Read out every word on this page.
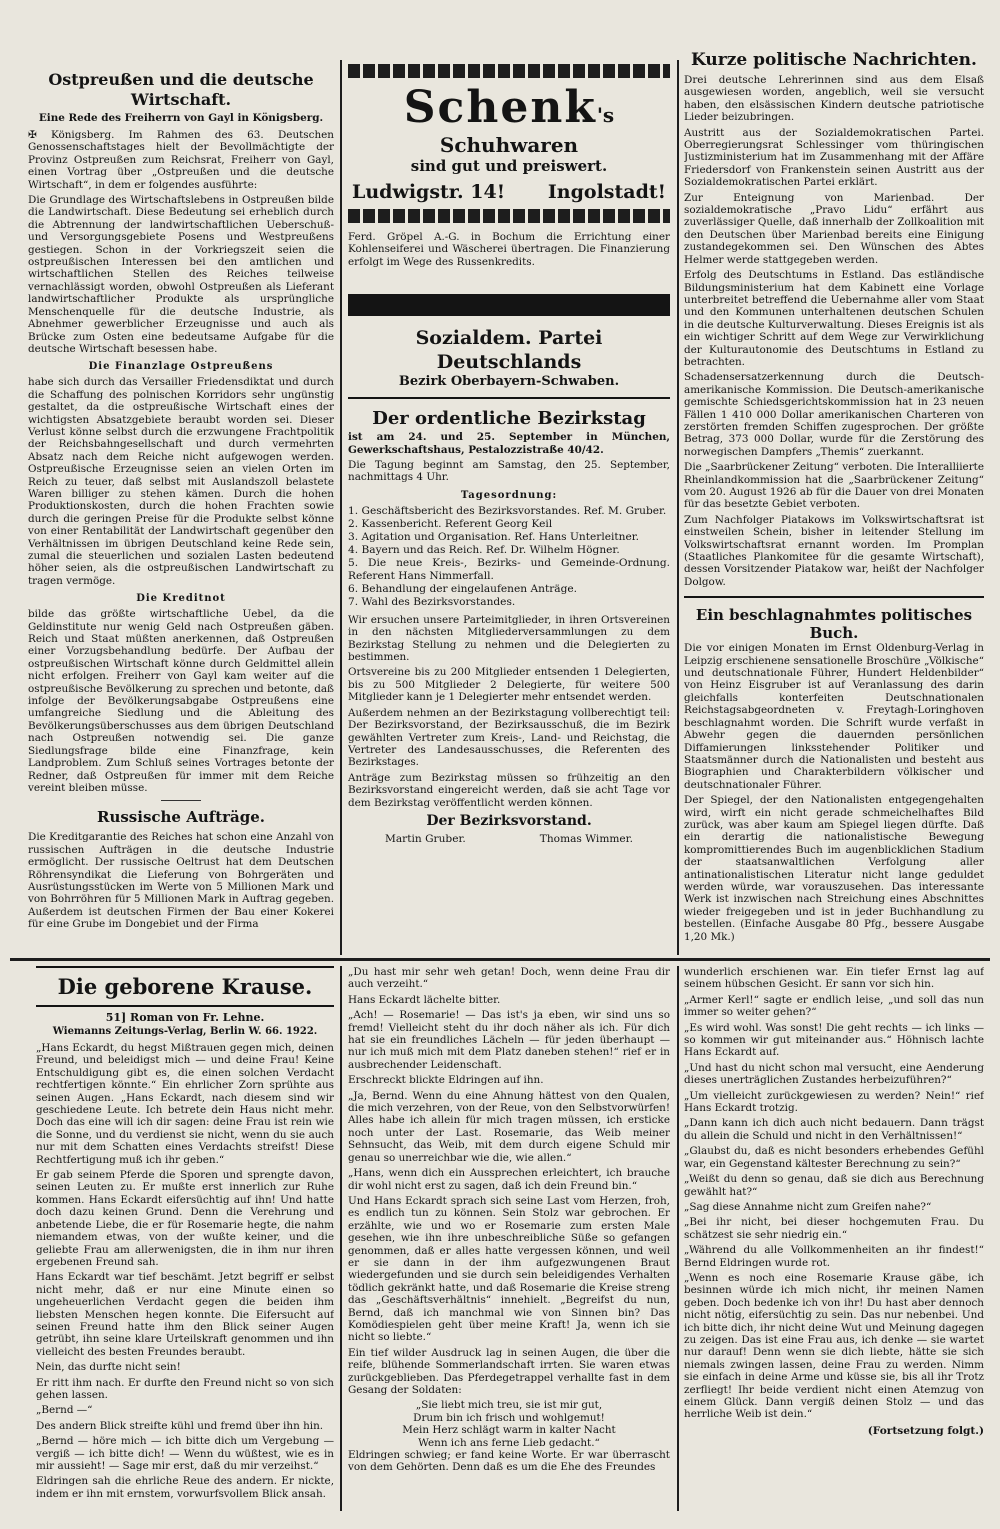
Ostpreußen und die deutsche Wirtschaft.
Eine Rede des Freiherrn von Gayl in Königsberg.

✠ Königsberg. Im Rahmen des 63. Deutschen Genossenschaftstages hielt der Bevollmächtigte der Provinz Ostpreußen zum Reichsrat, Freiherr von Gayl, einen Vortrag über „Ostpreußen und die deutsche Wirtschaft“, in dem er folgendes ausführte:

Die Grundlage des Wirtschaftslebens in Ostpreußen bilde die Landwirtschaft. Diese Bedeutung sei erheblich durch die Abtrennung der landwirtschaftlichen Ueberschuß- und Versorgungsgebiete Posens und Westpreußens gestiegen. Schon in der Vorkriegszeit seien die ostpreußischen Interessen bei den amtlichen und wirtschaftlichen Stellen des Reiches teilweise vernachlässigt worden, obwohl Ostpreußen als Lieferant landwirtschaftlicher Produkte als ursprüngliche Menschenquelle für die deutsche Industrie, als Abnehmer gewerblicher Erzeugnisse und auch als Brücke zum Osten eine bedeutsame Aufgabe für die deutsche Wirtschaft besessen habe.

Die Finanzlage Ostpreußens

habe sich durch das Versailler Friedensdiktat und durch die Schaffung des polnischen Korridors sehr ungünstig gestaltet, da die ostpreußische Wirtschaft eines der wichtigsten Absatzgebiete beraubt worden sei. Dieser Verlust könne selbst durch die erzwungene Frachtpolitik der Reichsbahngesellschaft und durch vermehrten Absatz nach dem Reiche nicht aufgewogen werden. Ostpreußische Erzeugnisse seien an vielen Orten im Reich zu teuer, daß selbst mit Auslandszoll belastete Waren billiger zu stehen kämen. Durch die hohen Produktionskosten, durch die hohen Frachten sowie durch die geringen Preise für die Produkte selbst könne von einer Rentabilität der Landwirtschaft gegenüber den Verhältnissen im übrigen Deutschland keine Rede sein, zumal die steuerlichen und sozialen Lasten bedeutend höher seien, als die ostpreußischen Landwirtschaft zu tragen vermöge.

Die Kreditnot

bilde das größte wirtschaftliche Uebel, da die Geldinstitute nur wenig Geld nach Ostpreußen gäben. Reich und Staat müßten anerkennen, daß Ostpreußen einer Vorzugsbehandlung bedürfe. Der Aufbau der ostpreußischen Wirtschaft könne durch Geldmittel allein nicht erfolgen. Freiherr von Gayl kam weiter auf die ostpreußische Bevölkerung zu sprechen und betonte, daß infolge der Bevölkerungsabgabe Ostpreußens eine umfangreiche Siedlung und die Ableitung des Bevölkerungsüberschusses aus dem übrigen Deutschland nach Ostpreußen notwendig sei. Die ganze Siedlungsfrage bilde eine Finanzfrage, kein Landproblem. Zum Schluß seines Vortrages betonte der Redner, daß Ostpreußen für immer mit dem Reiche vereint bleiben müsse.

Russische Aufträge.

Die Kreditgarantie des Reiches hat schon eine Anzahl von russischen Aufträgen in die deutsche Industrie ermöglicht. Der russische Oeltrust hat dem Deutschen Röhrensyndikat die Lieferung von Bohrgeräten und Ausrüstungsstücken im Werte von 5 Millionen Mark und von Bohrröhren für 5 Millionen Mark in Auftrag gegeben. Außerdem ist deutschen Firmen der Bau einer Kokerei für eine Grube im Dongebiet und der Firma

Schenk's Schuhwaren
sind gut und preiswert.
Ludwigstr. 14! Ingolstadt!

Ferd. Gröpel A.-G. in Bochum die Errichtung einer Kohlenseiferei und Wäscherei übertragen. Die Finanzierung erfolgt im Wege des Russenkredits.

Sozialdem. Partei Deutschlands
Bezirk Oberbayern-Schwaben.
Der ordentliche Bezirkstag

ist am 24. und 25. September in München, Gewerkschaftshaus, Pestalozzistraße 40/42.

Die Tagung beginnt am Samstag, den 25. September, nachmittags 4 Uhr.

Tagesordnung:

1. Geschäftsbericht des Bezirksvorstandes. Ref. M. Gruber.

2. Kassenbericht. Referent Georg Keil

3. Agitation und Organisation. Ref. Hans Unterleitner.

4. Bayern und das Reich. Ref. Dr. Wilhelm Högner.

5. Die neue Kreis-, Bezirks- und Gemeinde-Ordnung. Referent Hans Nimmerfall.

6. Behandlung der eingelaufenen Anträge.

7. Wahl des Bezirksvorstandes.

Wir ersuchen unsere Parteimitglieder, in ihren Ortsvereinen in den nächsten Mitgliederversammlungen zu dem Bezirkstag Stellung zu nehmen und die Delegierten zu bestimmen.

Ortsvereine bis zu 200 Mitglieder entsenden 1 Delegierten, bis zu 500 Mitglieder 2 Delegierte, für weitere 500 Mitglieder kann je 1 Delegierter mehr entsendet werden.

Außerdem nehmen an der Bezirkstagung vollberechtigt teil: Der Bezirksvorstand, der Bezirksausschuß, die im Bezirk gewählten Vertreter zum Kreis-, Land- und Reichstag, die Vertreter des Landesausschusses, die Referenten des Bezirkstages.

Anträge zum Bezirkstag müssen so frühzeitig an den Bezirksvorstand eingereicht werden, daß sie acht Tage vor dem Bezirkstag veröffentlicht werden können.

Der Bezirksvorstand.
Martin Gruber.	Thomas Wimmer.
Kurze politische Nachrichten.

Drei deutsche Lehrerinnen sind aus dem Elsaß ausgewiesen worden, angeblich, weil sie versucht haben, den elsässischen Kindern deutsche patriotische Lieder beizubringen.

Austritt aus der Sozialdemokratischen Partei. Oberregierungsrat Schlessinger vom thüringischen Justizministerium hat im Zusammenhang mit der Affäre Friedersdorf von Frankenstein seinen Austritt aus der Sozialdemokratischen Partei erklärt.

Zur Enteignung von Marienbad. Der sozialdemokratische „Pravo Lidu“ erfährt aus zuverlässiger Quelle, daß innerhalb der Zollkoalition mit den Deutschen über Marienbad bereits eine Einigung zustandegekommen sei. Den Wünschen des Abtes Helmer werde stattgegeben werden.

Erfolg des Deutschtums in Estland. Das estländische Bildungsministerium hat dem Kabinett eine Vorlage unterbreitet betreffend die Uebernahme aller vom Staat und den Kommunen unterhaltenen deutschen Schulen in die deutsche Kulturverwaltung. Dieses Ereignis ist als ein wichtiger Schritt auf dem Wege zur Verwirklichung der Kulturautonomie des Deutschtums in Estland zu betrachten.

Schadensersatzerkennung durch die Deutsch-amerikanische Kommission. Die Deutsch-amerikanische gemischte Schiedsgerichtskommission hat in 23 neuen Fällen 1 410 000 Dollar amerikanischen Charteren von zerstörten fremden Schiffen zugesprochen. Der größte Betrag, 373 000 Dollar, wurde für die Zerstörung des norwegischen Dampfers „Themis“ zuerkannt.

Die „Saarbrückener Zeitung“ verboten. Die Interalliierte Rheinlandkommission hat die „Saarbrückener Zeitung“ vom 20. August 1926 ab für die Dauer von drei Monaten für das besetzte Gebiet verboten.

Zum Nachfolger Piatakows im Volkswirtschaftsrat ist einstweilen Schein, bisher in leitender Stellung im Volkswirtschaftsrat ernannt worden. Im Promplan (Staatliches Plankomitee für die gesamte Wirtschaft), dessen Vorsitzender Piatakow war, heißt der Nachfolger Dolgow.

Ein beschlagnahmtes politisches Buch.

Die vor einigen Monaten im Ernst Oldenburg-Verlag in Leipzig erschienene sensationelle Broschüre „Völkische“ und deutschnationale Führer, Hundert Heldenbilder“ von Heinz Eisgruber ist auf Veranlassung des darin gleichfalls konterfeiten Deutschnationalen Reichstagsabgeordneten v. Freytagh-Loringhoven beschlagnahmt worden. Die Schrift wurde verfaßt in Abwehr gegen die dauernden persönlichen Diffamierungen linksstehender Politiker und Staatsmänner durch die Nationalisten und besteht aus Biographien und Charakterbildern völkischer und deutschnationaler Führer.

Der Spiegel, der den Nationalisten entgegengehalten wird, wirft ein nicht gerade schmeichelhaftes Bild zurück, was aber kaum am Spiegel liegen dürfte. Daß ein derartig die nationalistische Bewegung kompromittierendes Buch im augenblicklichen Stadium der staatsanwaltlichen Verfolgung aller antinationalistischen Literatur nicht lange geduldet werden würde, war vorauszusehen. Das interessante Werk ist inzwischen nach Streichung eines Abschnittes wieder freigegeben und ist in jeder Buchhandlung zu bestellen. (Einfache Ausgabe 80 Pfg., bessere Ausgabe 1,20 Mk.)

Die geborene Krause.
51] Roman von Fr. Lehne.
Wiemanns Zeitungs-Verlag, Berlin W. 66. 1922.

„Hans Eckardt, du hegst Mißtrauen gegen mich, deinen Freund, und beleidigst mich — und deine Frau! Keine Entschuldigung gibt es, die einen solchen Verdacht rechtfertigen könnte.“ Ein ehrlicher Zorn sprühte aus seinen Augen. „Hans Eckardt, nach diesem sind wir geschiedene Leute. Ich betrete dein Haus nicht mehr. Doch das eine will ich dir sagen: deine Frau ist rein wie die Sonne, und du verdienst sie nicht, wenn du sie auch nur mit dem Schatten eines Verdachts streifst! Diese Rechtfertigung muß ich ihr geben.“

Er gab seinem Pferde die Sporen und sprengte davon, seinen Leuten zu. Er mußte erst innerlich zur Ruhe kommen. Hans Eckardt eifersüchtig auf ihn! Und hatte doch dazu keinen Grund. Denn die Verehrung und anbetende Liebe, die er für Rosemarie hegte, die nahm niemandem etwas, von der wußte keiner, und die geliebte Frau am allerwenigsten, die in ihm nur ihren ergebenen Freund sah.

Hans Eckardt war tief beschämt. Jetzt begriff er selbst nicht mehr, daß er nur eine Minute einen so ungeheuerlichen Verdacht gegen die beiden ihm liebsten Menschen hegen konnte. Die Eifersucht auf seinen Freund hatte ihm den Blick seiner Augen getrübt, ihn seine klare Urteilskraft genommen und ihn vielleicht des besten Freundes beraubt.

Nein, das durfte nicht sein!

Er ritt ihm nach. Er durfte den Freund nicht so von sich gehen lassen.

„Bernd —“

Des andern Blick streifte kühl und fremd über ihn hin.

„Bernd — höre mich — ich bitte dich um Vergebung — vergiß — ich bitte dich! — Wenn du wüßtest, wie es in mir aussieht! — Sage mir erst, daß du mir verzeihst.“

Eldringen sah die ehrliche Reue des andern. Er nickte, indem er ihn mit ernstem, vorwurfsvollem Blick ansah.

„Du hast mir sehr weh getan! Doch, wenn deine Frau dir auch verzeiht.“

Hans Eckardt lächelte bitter.

„Ach! — Rosemarie! — Das ist's ja eben, wir sind uns so fremd! Vielleicht steht du ihr doch näher als ich. Für dich hat sie ein freundliches Lächeln — für jeden überhaupt — nur ich muß mich mit dem Platz daneben stehen!“ rief er in ausbrechender Leidenschaft.

Erschreckt blickte Eldringen auf ihn.

„Ja, Bernd. Wenn du eine Ahnung hättest von den Qualen, die mich verzehren, von der Reue, von den Selbstvorwürfen! Alles habe ich allein für mich tragen müssen, ich ersticke noch unter der Last. Rosemarie, das Weib meiner Sehnsucht, das Weib, mit dem durch eigene Schuld mir genau so unerreichbar wie die, wie allen.“

„Hans, wenn dich ein Aussprechen erleichtert, ich brauche dir wohl nicht erst zu sagen, daß ich dein Freund bin.“

Und Hans Eckardt sprach sich seine Last vom Herzen, froh, es endlich tun zu können. Sein Stolz war gebrochen. Er erzählte, wie und wo er Rosemarie zum ersten Male gesehen, wie ihn ihre unbeschreibliche Süße so gefangen genommen, daß er alles hatte vergessen können, und weil er sie dann in der ihm aufgezwungenen Braut wiedergefunden und sie durch sein beleidigendes Verhalten tödlich gekränkt hatte, und daß Rosemarie die Kreise streng das „Geschäftsverhältnis“ innehielt. „Begreifst du nun, Bernd, daß ich manchmal wie von Sinnen bin? Das Komödiespielen geht über meine Kraft! Ja, wenn ich sie nicht so liebte.“

Ein tief wilder Ausdruck lag in seinen Augen, die über die reife, blühende Sommerlandschaft irrten. Sie waren etwas zurückgeblieben. Das Pferdegetrappel verhallte fast in dem Gesang der Soldaten:

„Sie liebt mich treu, sie ist mir gut,
Drum bin ich frisch und wohlgemut!
Mein Herz schlägt warm in kalter Nacht
Wenn ich ans ferne Lieb gedacht.“

Eldringen schwieg; er fand keine Worte. Er war überrascht von dem Gehörten. Denn daß es um die Ehe des Freundes

wunderlich erschienen war. Ein tiefer Ernst lag auf seinem hübschen Gesicht. Er sann vor sich hin.

„Armer Kerl!“ sagte er endlich leise, „und soll das nun immer so weiter gehen?“

„Es wird wohl. Was sonst! Die geht rechts — ich links — so kommen wir gut miteinander aus.“ Höhnisch lachte Hans Eckardt auf.

„Und hast du nicht schon mal versucht, eine Aenderung dieses unerträglichen Zustandes herbeizuführen?“

„Um vielleicht zurückgewiesen zu werden? Nein!“ rief Hans Eckardt trotzig.

„Dann kann ich dich auch nicht bedauern. Dann trägst du allein die Schuld und nicht in den Verhältnissen!“

„Glaubst du, daß es nicht besonders erhebendes Gefühl war, ein Gegenstand kältester Berechnung zu sein?“

„Weißt du denn so genau, daß sie dich aus Berechnung gewählt hat?“

„Sag diese Annahme nicht zum Greifen nahe?“

„Bei ihr nicht, bei dieser hochgemuten Frau. Du schätzest sie sehr niedrig ein.“

„Während du alle Vollkommenheiten an ihr findest!“ Bernd Eldringen wurde rot.

„Wenn es noch eine Rosemarie Krause gäbe, ich besinnen würde ich mich nicht, ihr meinen Namen geben. Doch bedenke ich von ihr! Du hast aber dennoch nicht nötig, eifersüchtig zu sein. Das nur nebenbei. Und ich bitte dich, ihr nicht deine Wut und Meinung dagegen zu zeigen. Das ist eine Frau aus, ich denke — sie wartet nur darauf! Denn wenn sie dich liebte, hätte sie sich niemals zwingen lassen, deine Frau zu werden. Nimm sie einfach in deine Arme und küsse sie, bis all ihr Trotz zerfliegt! Ihr beide verdient nicht einen Atemzug von einem Glück. Dann vergiß deinen Stolz — und das herrliche Weib ist dein.“

(Fortsetzung folgt.)
